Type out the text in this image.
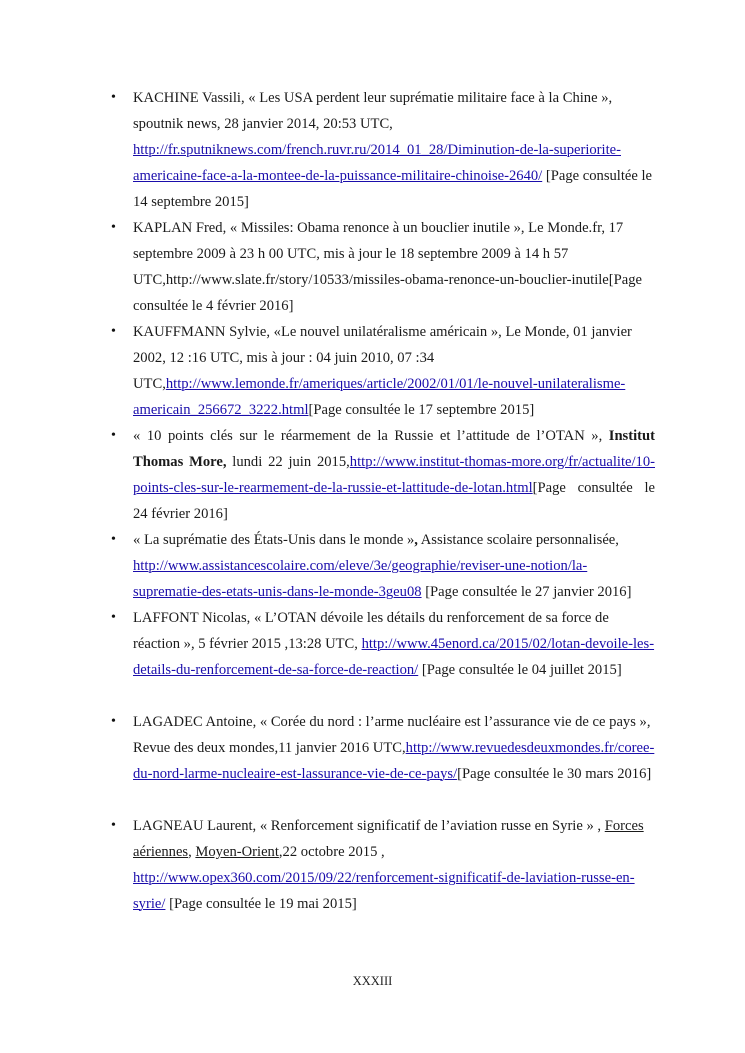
• KACHINE Vassili, « Les USA perdent leur suprématie militaire face à la Chine », spoutnik news, 28 janvier 2014, 20:53 UTC, http://fr.sputniknews.com/french.ruvr.ru/2014_01_28/Diminution-de-la-superiorite-americaine-face-a-la-montee-de-la-puissance-militaire-chinoise-2640/ [Page consultée le 14 septembre 2015]
• KAPLAN Fred, « Missiles: Obama renonce à un bouclier inutile », Le Monde.fr, 17 septembre 2009 à 23 h 00 UTC, mis à jour le 18 septembre 2009 à 14 h 57 UTC,http://www.slate.fr/story/10533/missiles-obama-renonce-un-bouclier-inutile[Page consultée le 4 février 2016]
• KAUFFMANN Sylvie, «Le nouvel unilatéralisme américain », Le Monde, 01 janvier 2002, 12 :16 UTC, mis à jour : 04 juin 2010, 07 :34 UTC,http://www.lemonde.fr/ameriques/article/2002/01/01/le-nouvel-unilateralisme-americain_256672_3222.html[Page consultée le 17 septembre 2015]
• « 10 points clés sur le réarmement de la Russie et l’attitude de l’OTAN », Institut Thomas More, lundi 22 juin 2015,http://www.institut-thomas-more.org/fr/actualite/10-points-cles-sur-le-rearmement-de-la-russie-et-lattitude-de-lotan.html[Page consultée le 24 février 2016]
• « La suprématie des États-Unis dans le monde », Assistance scolaire personnalisée, http://www.assistancescolaire.com/eleve/3e/geographie/reviser-une-notion/la-suprematie-des-etats-unis-dans-le-monde-3geu08 [Page consultée le 27 janvier 2016]
• LAFFONT Nicolas, « L’OTAN dévoile les détails du renforcement de sa force de réaction », 5 février 2015 ,13:28 UTC, http://www.45enord.ca/2015/02/lotan-devoile-les-details-du-renforcement-de-sa-force-de-reaction/ [Page consultée le 04 juillet 2015]
• LAGADEC Antoine, « Corée du nord : l’arme nucléaire est l’assurance vie de ce pays », Revue des deux mondes,11 janvier 2016 UTC,http://www.revuedesdeuxmondes.fr/coree-du-nord-larme-nucleaire-est-lassurance-vie-de-ce-pays/[Page consultée le 30 mars 2016]
• LAGNEAU Laurent, « Renforcement significatif de l’aviation russe en Syrie » , Forces aériennes, Moyen-Orient,22 octobre 2015 , http://www.opex360.com/2015/09/22/renforcement-significatif-de-laviation-russe-en-syrie/ [Page consultée le 19 mai 2015]
XXXIII
